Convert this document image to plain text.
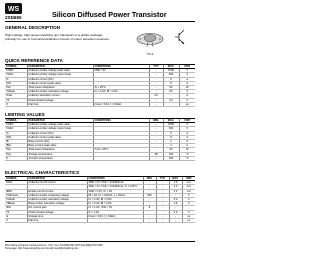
WS
2SD650	Silicon Diffused Power Transistor
GENERAL DESCRIPTION
High-voltage, high-speed switching npn transistors in a plastic package, primarily for use in horizontal deflection circuits of colour television receivers.
TO-3
QUICK REFERENCE DATA
SYMBOL	PARAMETER	CONDITIONS	TYP.	MAX.	UNIT
VCBO	Collector-emitter voltage peak value	VBE = 0V	-	1500	V
VCEO	Collector-emitter voltage (open base)		-	600	V
IC	Collector current (DC)		-	5	A
ICM	Collector current peak value		-	8	A
Ptot	Total power dissipation	Tc ≤ 25°C	-	50	W
VCEsat	Collector-emitter saturation voltage	IC = 4.0A; IB = 0.8A	-	5.0	V
ICsat	Collector saturation current		3.5	-	A
VF	Diode forward voltage		-	2.0	V
tf	Fall time	ICsat = 3.5A; f = 16kHz	-	-	μs
LIMITING VALUES
SYMBOL	PARAMETER	CONDITIONS	MIN.	MAX.	UNIT
VCBO	Collector-emitter voltage peak value		-	1500	V
VCEO	Collector-emitter voltage (open base)		-	600	V
IC	Collector current (DC)		-	5	A
ICM	Collector current peak value		-	8	A
IB	Base current (DC)		-	2	A
IBM	Base current peak value		-	4	A
Ptot	Total power dissipation	Tmb ≤ 25°C	-	50	W
Tstg	Storage temperature		-55	150	°C
Tj	Junction temperature		-	150	°C
ELECTRICAL CHARACTERISTICS
SYMBOL	PARAMETER	CONDITIONS	MIN.	TYP.	MAX.	UNIT
ICES	Collector cut-off current	VBE = 0V; VCE = VCESMmax	-	-	1.0	mA
		VBE = 0V; VCE = VCESMmax; Tj = 125°C	-	-	2.0	mA
IEBO	Emitter cut-off current	VEB = 5.0V; IC = 0A	-	-	1.0	mA
VCEOsust	Collector-emitter sustaining voltage	IB = 0A; IC = 100mA; L = 25mH	600	-	-	V
VCEsat	Collector-emitter saturation voltage	IC = 4.0A; IB = 0.8A	-	-	5.0	V
VBEsat	Base-emitter saturation voltage	IC = 4.0A; IB = 0.8A	-	-	1.5	V
hFE	DC current gain	IC = 1.0A; VCE = 5V	8	-	-	
VF	Diode forward voltage	IF = 4.0A	-	-	2.0	V
ts	Storage time	ICsat = 3.5A; f = 16kHz	-	-	-	μs
tf	Fall time		-	-	-	μs
Wing Shing Computer Components Co., (H.K.) Ltd. Tel:(852)2341 9276 Fax:(852)2797 8153
Homepage: http://www.wingshing.com E-mail: wsccl@wingshing.com
